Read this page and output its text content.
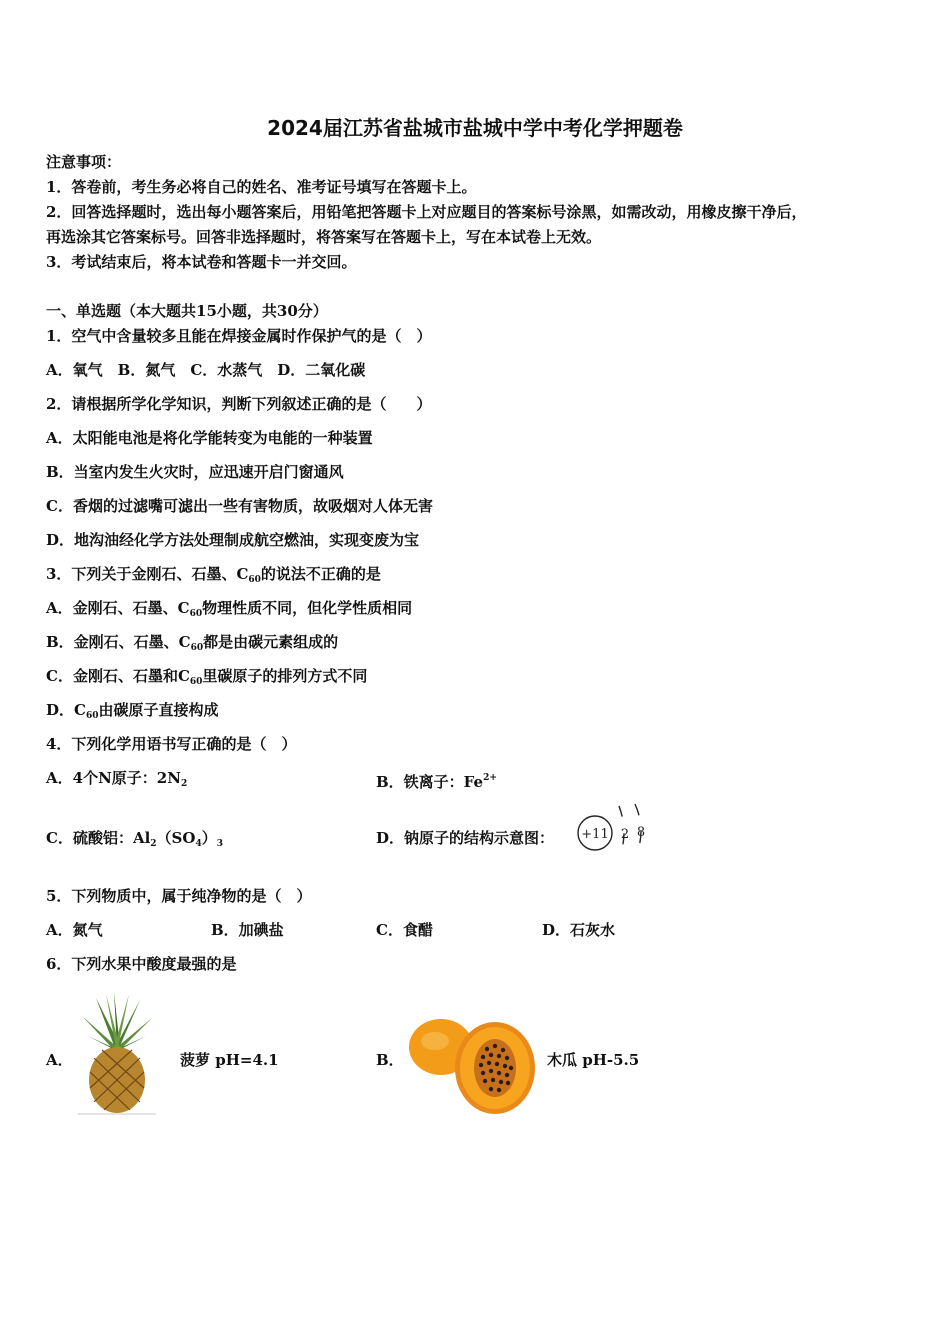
2024届江苏省盐城市盐城中学中考化学押题卷
注意事项：
1．答卷前，考生务必将自己的姓名、准考证号填写在答题卡上。
2．回答选择题时，选出每小题答案后，用铅笔把答题卡上对应题目的答案标号涂黑，如需改动，用橡皮擦干净后，
再选涂其它答案标号。回答非选择题时，将答案写在答题卡上，写在本试卷上无效。
3．考试结束后，将本试卷和答题卡一并交回。
一、单选题（本大题共15小题，共30分）
1．空气中含量较多且能在焊接金属时作保护气的是（　）
A．氧气　B．氮气　C．水蒸气　D．二氧化碳
2．请根据所学化学知识，判断下列叙述正确的是（　　）
A．太阳能电池是将化学能转变为电能的一种装置
B．当室内发生火灾时，应迅速开启门窗通风
C．香烟的过滤嘴可滤出一些有害物质，故吸烟对人体无害
D．地沟油经化学方法处理制成航空燃油，实现变废为宝
3．下列关于金刚石、石墨、$C_{60}$的说法不正确的是
A．金刚石、石墨、$C_{60}$物理性质不同，但化学性质相同
B．金刚石、石墨、$C_{60}$都是由碳元素组成的
C．金刚石、石墨和$C_{60}$里碳原子的排列方式不同
D．$C_{60}$由碳原子直接构成
4．下列化学用语书写正确的是（　）
A．4个N原子：$2N_2$	B．铁离子：$Fe^{2+}$
C．硫酸铝：$Al_2(SO_4)_3$	D．钠原子的结构示意图： +11 2 8
5．下列物质中，属于纯净物的是（　）
A．氮气	B．加碘盐	C．食醋	D．石灰水
6．下列水果中酸度最强的是
A．	菠萝 pH=4.1	B．	木瓜 pH-5.5
